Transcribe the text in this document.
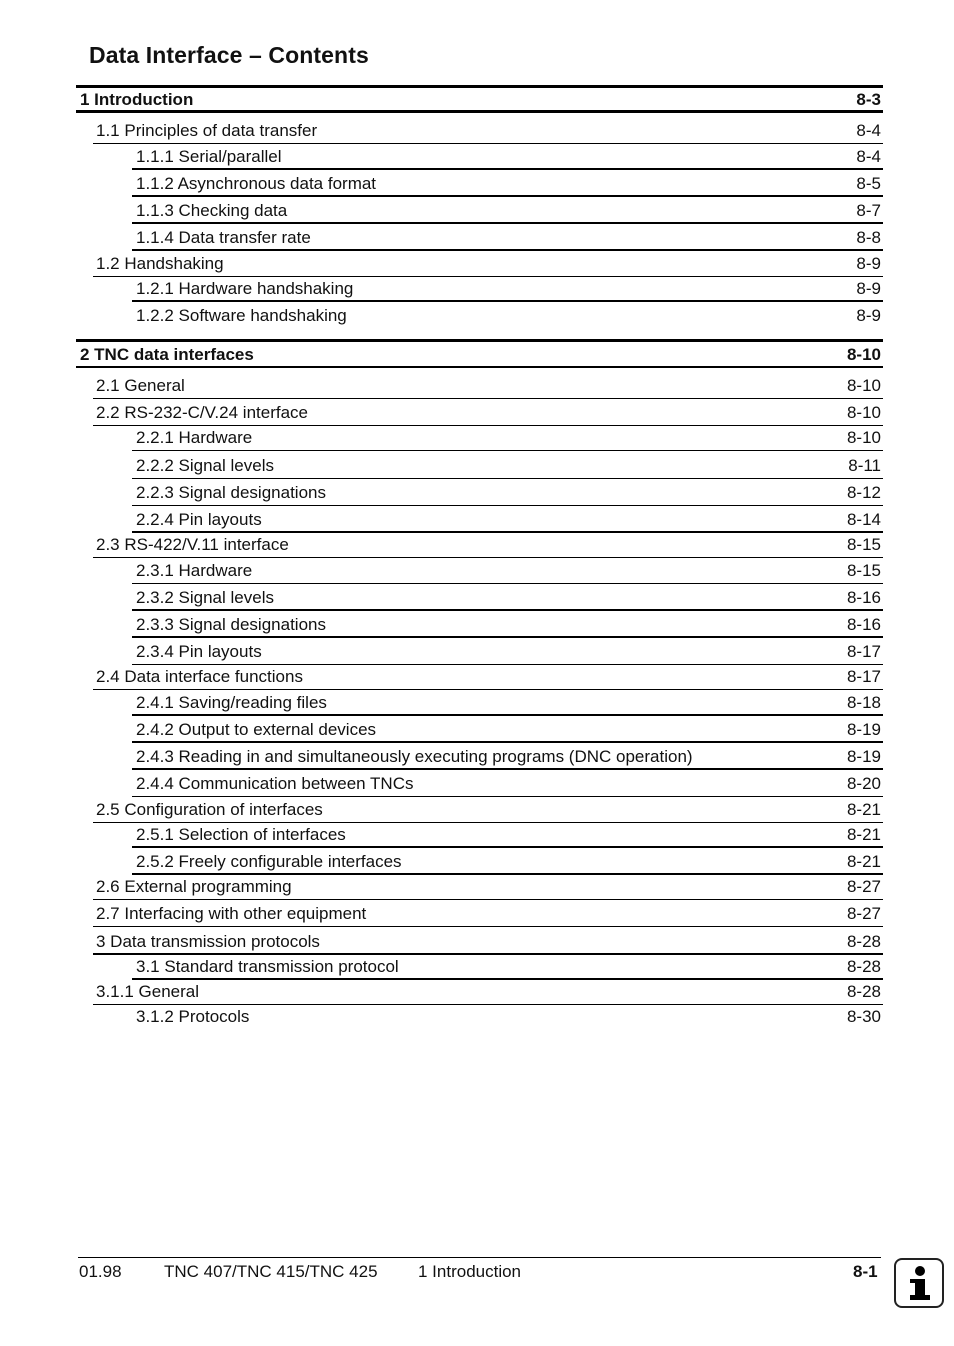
Data Interface – Contents
1 Introduction	8-3
1.1 Principles of data transfer	8-4
1.1.1 Serial/parallel	8-4
1.1.2 Asynchronous data format	8-5
1.1.3 Checking data	8-7
1.1.4 Data transfer rate	8-8
1.2 Handshaking	8-9
1.2.1 Hardware handshaking	8-9
1.2.2 Software handshaking	8-9
2 TNC data interfaces	8-10
2.1 General	8-10
2.2 RS-232-C/V.24 interface	8-10
2.2.1 Hardware	8-10
2.2.2 Signal levels	8-11
2.2.3 Signal designations	8-12
2.2.4 Pin layouts	8-14
2.3 RS-422/V.11 interface	8-15
2.3.1 Hardware	8-15
2.3.2 Signal levels	8-16
2.3.3 Signal designations	8-16
2.3.4 Pin layouts	8-17
2.4 Data interface functions	8-17
2.4.1 Saving/reading files	8-18
2.4.2 Output to external devices	8-19
2.4.3 Reading in and simultaneously executing programs (DNC operation)	8-19
2.4.4 Communication between TNCs	8-20
2.5 Configuration of interfaces	8-21
2.5.1 Selection of interfaces	8-21
2.5.2 Freely configurable interfaces	8-21
2.6 External programming	8-27
2.7 Interfacing with other equipment	8-27
3 Data transmission protocols	8-28
3.1 Standard transmission protocol	8-28
3.1.1 General	8-28
3.1.2 Protocols	8-30
01.98 TNC 407/TNC 415/TNC 425 1 Introduction	8-1
